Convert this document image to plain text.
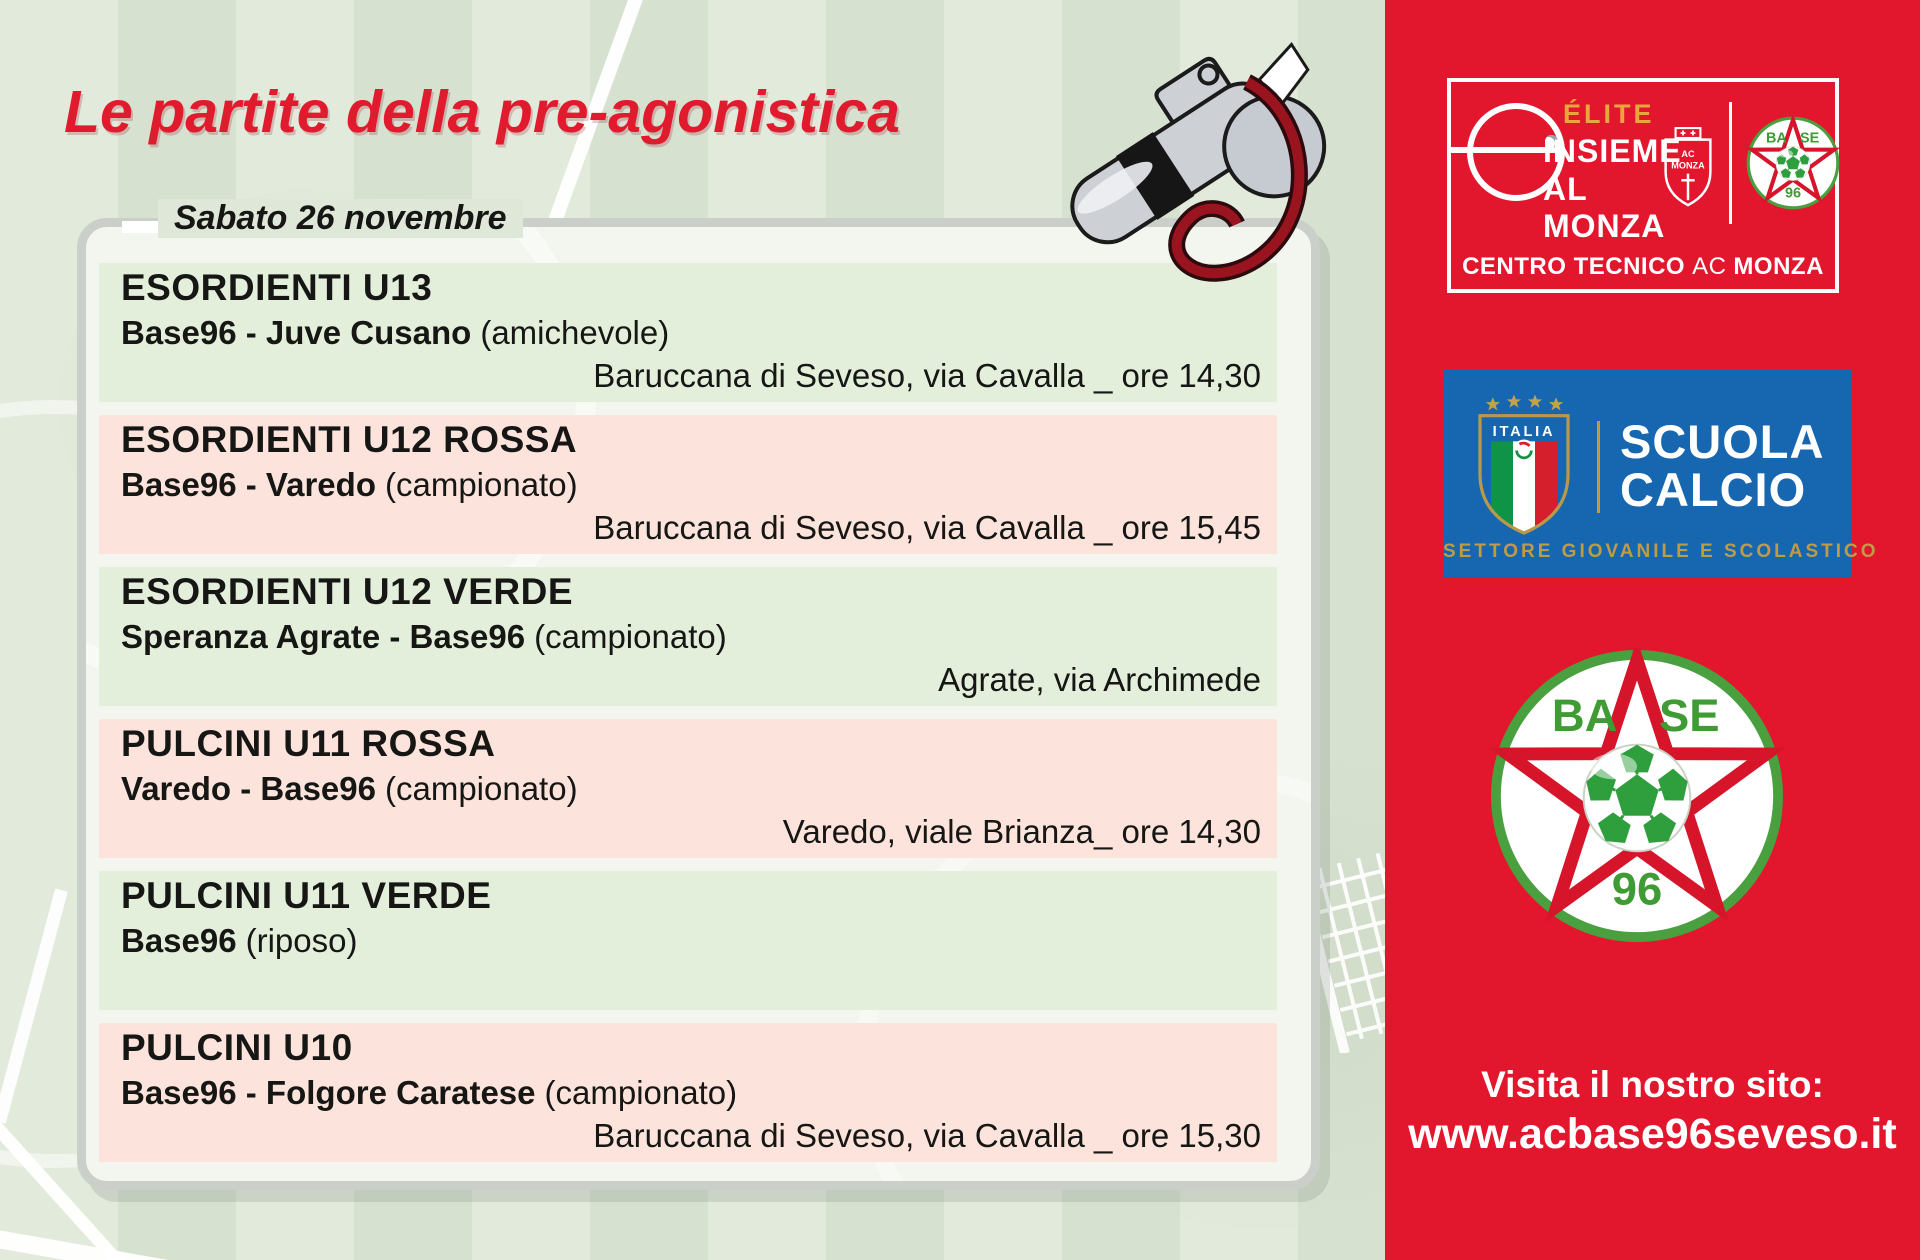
Le partite della pre-agonistica
Sabato 26 novembre
ESORDIENTI U13
Base96 - Juve Cusano (amichevole)
Baruccana di Seveso, via Cavalla _ ore 14,30
ESORDIENTI U12 ROSSA
Base96 - Varedo (campionato)
Baruccana di Seveso, via Cavalla _ ore 15,45
ESORDIENTI U12 VERDE
Speranza Agrate - Base96 (campionato)
Agrate, via Archimede
PULCINI U11 ROSSA
Varedo - Base96 (campionato)
Varedo, viale Brianza_ ore 14,30
PULCINI U11 VERDE
Base96 (riposo)
PULCINI U10
Base96 - Folgore Caratese (campionato)
Baruccana di Seveso, via Cavalla _ ore 15,30
ÉLITE
INSIEME
AL MONZA
AC
MONZA
CENTRO TECNICO AC MONZA
ITALIA SCUOLA
CALCIO
SETTORE GIOVANILE E SCOLASTICO
Visita il nostro sito:
www.acbase96seveso.it
